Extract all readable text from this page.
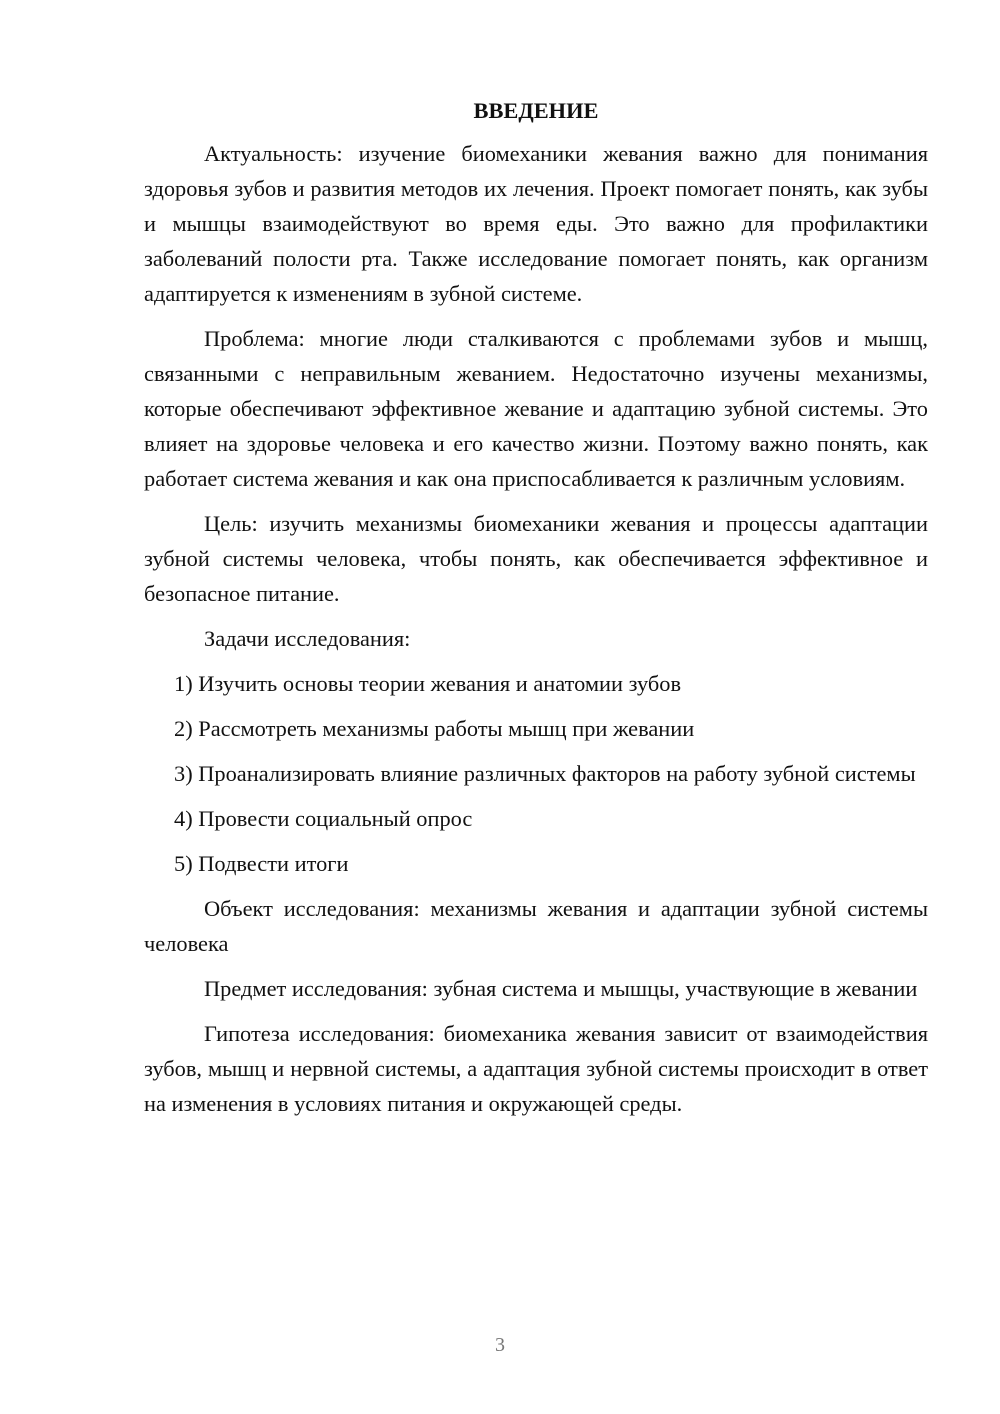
ВВЕДЕНИЕ

Актуальность: изучение биомеханики жевания важно для понимания здоровья зубов и развития методов их лечения. Проект помогает понять, как зубы и мышцы взаимодействуют во время еды. Это важно для профилактики заболеваний полости рта. Также исследование помогает понять, как организм адаптируется к изменениям в зубной системе.

Проблема: многие люди сталкиваются с проблемами зубов и мышц, связанными с неправильным жеванием. Недостаточно изучены механизмы, которые обеспечивают эффективное жевание и адаптацию зубной системы. Это влияет на здоровье человека и его качество жизни. Поэтому важно понять, как работает система жевания и как она приспосабливается к различным условиям.

Цель: изучить механизмы биомеханики жевания и процессы адаптации зубной системы человека, чтобы понять, как обеспечивается эффективное и безопасное питание.

Задачи исследования:

1) Изучить основы теории жевания и анатомии зубов

2) Рассмотреть механизмы работы мышц при жевании

3) Проанализировать влияние различных факторов на работу зубной системы

4) Провести социальный опрос

5) Подвести итоги

Объект исследования: механизмы жевания и адаптации зубной системы человека

Предмет исследования: зубная система и мышцы, участвующие в жевании

Гипотеза исследования: биомеханика жевания зависит от взаимодействия зубов, мышц и нервной системы, а адаптация зубной системы происходит в ответ на изменения в условиях питания и окружающей среды.

3
